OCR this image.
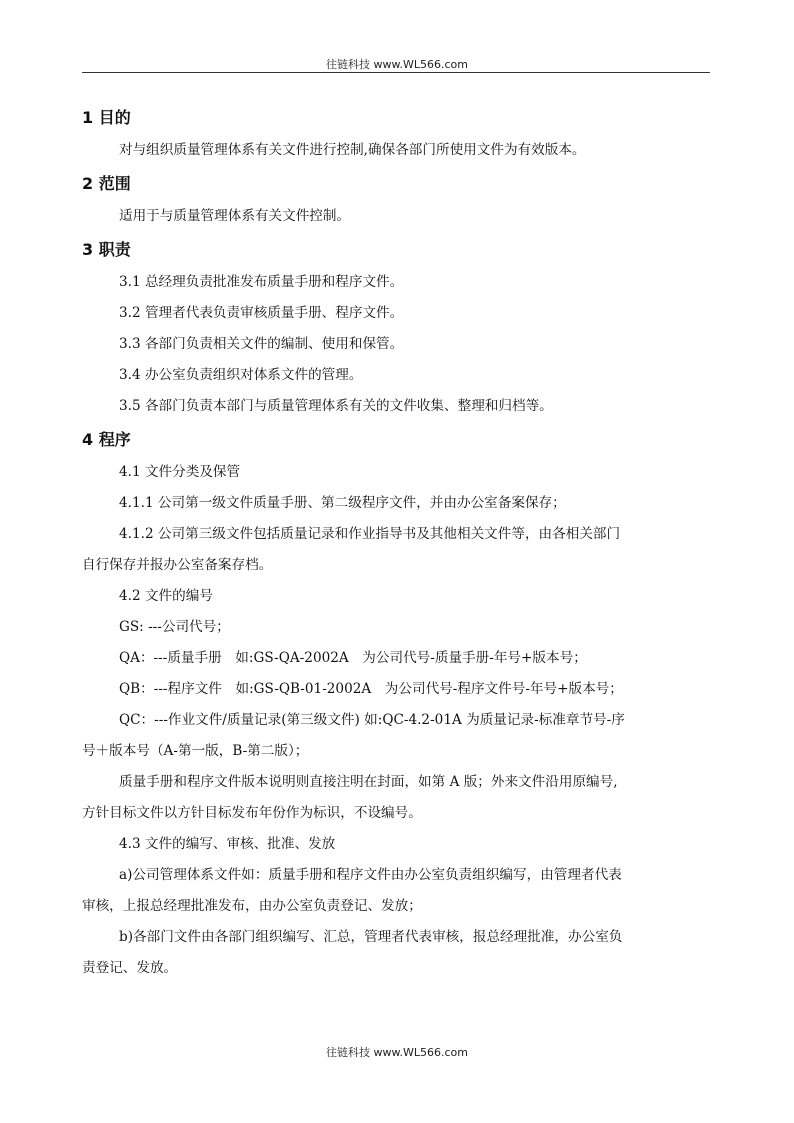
往链科技 www.WL566.com
1 目的
对与组织质量管理体系有关文件进行控制,确保各部门所使用文件为有效版本。
2 范围
适用于与质量管理体系有关文件控制。
3 职责
3.1 总经理负责批准发布质量手册和程序文件。
3.2 管理者代表负责审核质量手册、程序文件。
3.3 各部门负责相关文件的编制、使用和保管。
3.4 办公室负责组织对体系文件的管理。
3.5 各部门负责本部门与质量管理体系有关的文件收集、整理和归档等。
4 程序
4.1 文件分类及保管
4.1.1 公司第一级文件质量手册、第二级程序文件，并由办公室备案保存；
4.1.2 公司第三级文件包括质量记录和作业指导书及其他相关文件等，由各相关部门
自行保存并报办公室备案存档。
4.2 文件的编号
GS: ---公司代号；
QA：---质量手册　如:GS-QA-2002A　为公司代号-质量手册-年号+版本号；
QB：---程序文件　如:GS-QB-01-2002A　为公司代号-程序文件号-年号+版本号；
QC：---作业文件/质量记录(第三级文件) 如:QC-4.2-01A 为质量记录-标准章节号-序
号＋版本号（A-第一版，B-第二版）；
质量手册和程序文件版本说明则直接注明在封面，如第 A 版；外来文件沿用原编号,
方针目标文件以方针目标发布年份作为标识，不设编号。
4.3 文件的编写、审核、批准、发放
a)公司管理体系文件如：质量手册和程序文件由办公室负责组织编写，由管理者代表
审核，上报总经理批准发布，由办公室负责登记、发放；
b)各部门文件由各部门组织编写、汇总，管理者代表审核，报总经理批准，办公室负
责登记、发放。
往链科技 www.WL566.com
